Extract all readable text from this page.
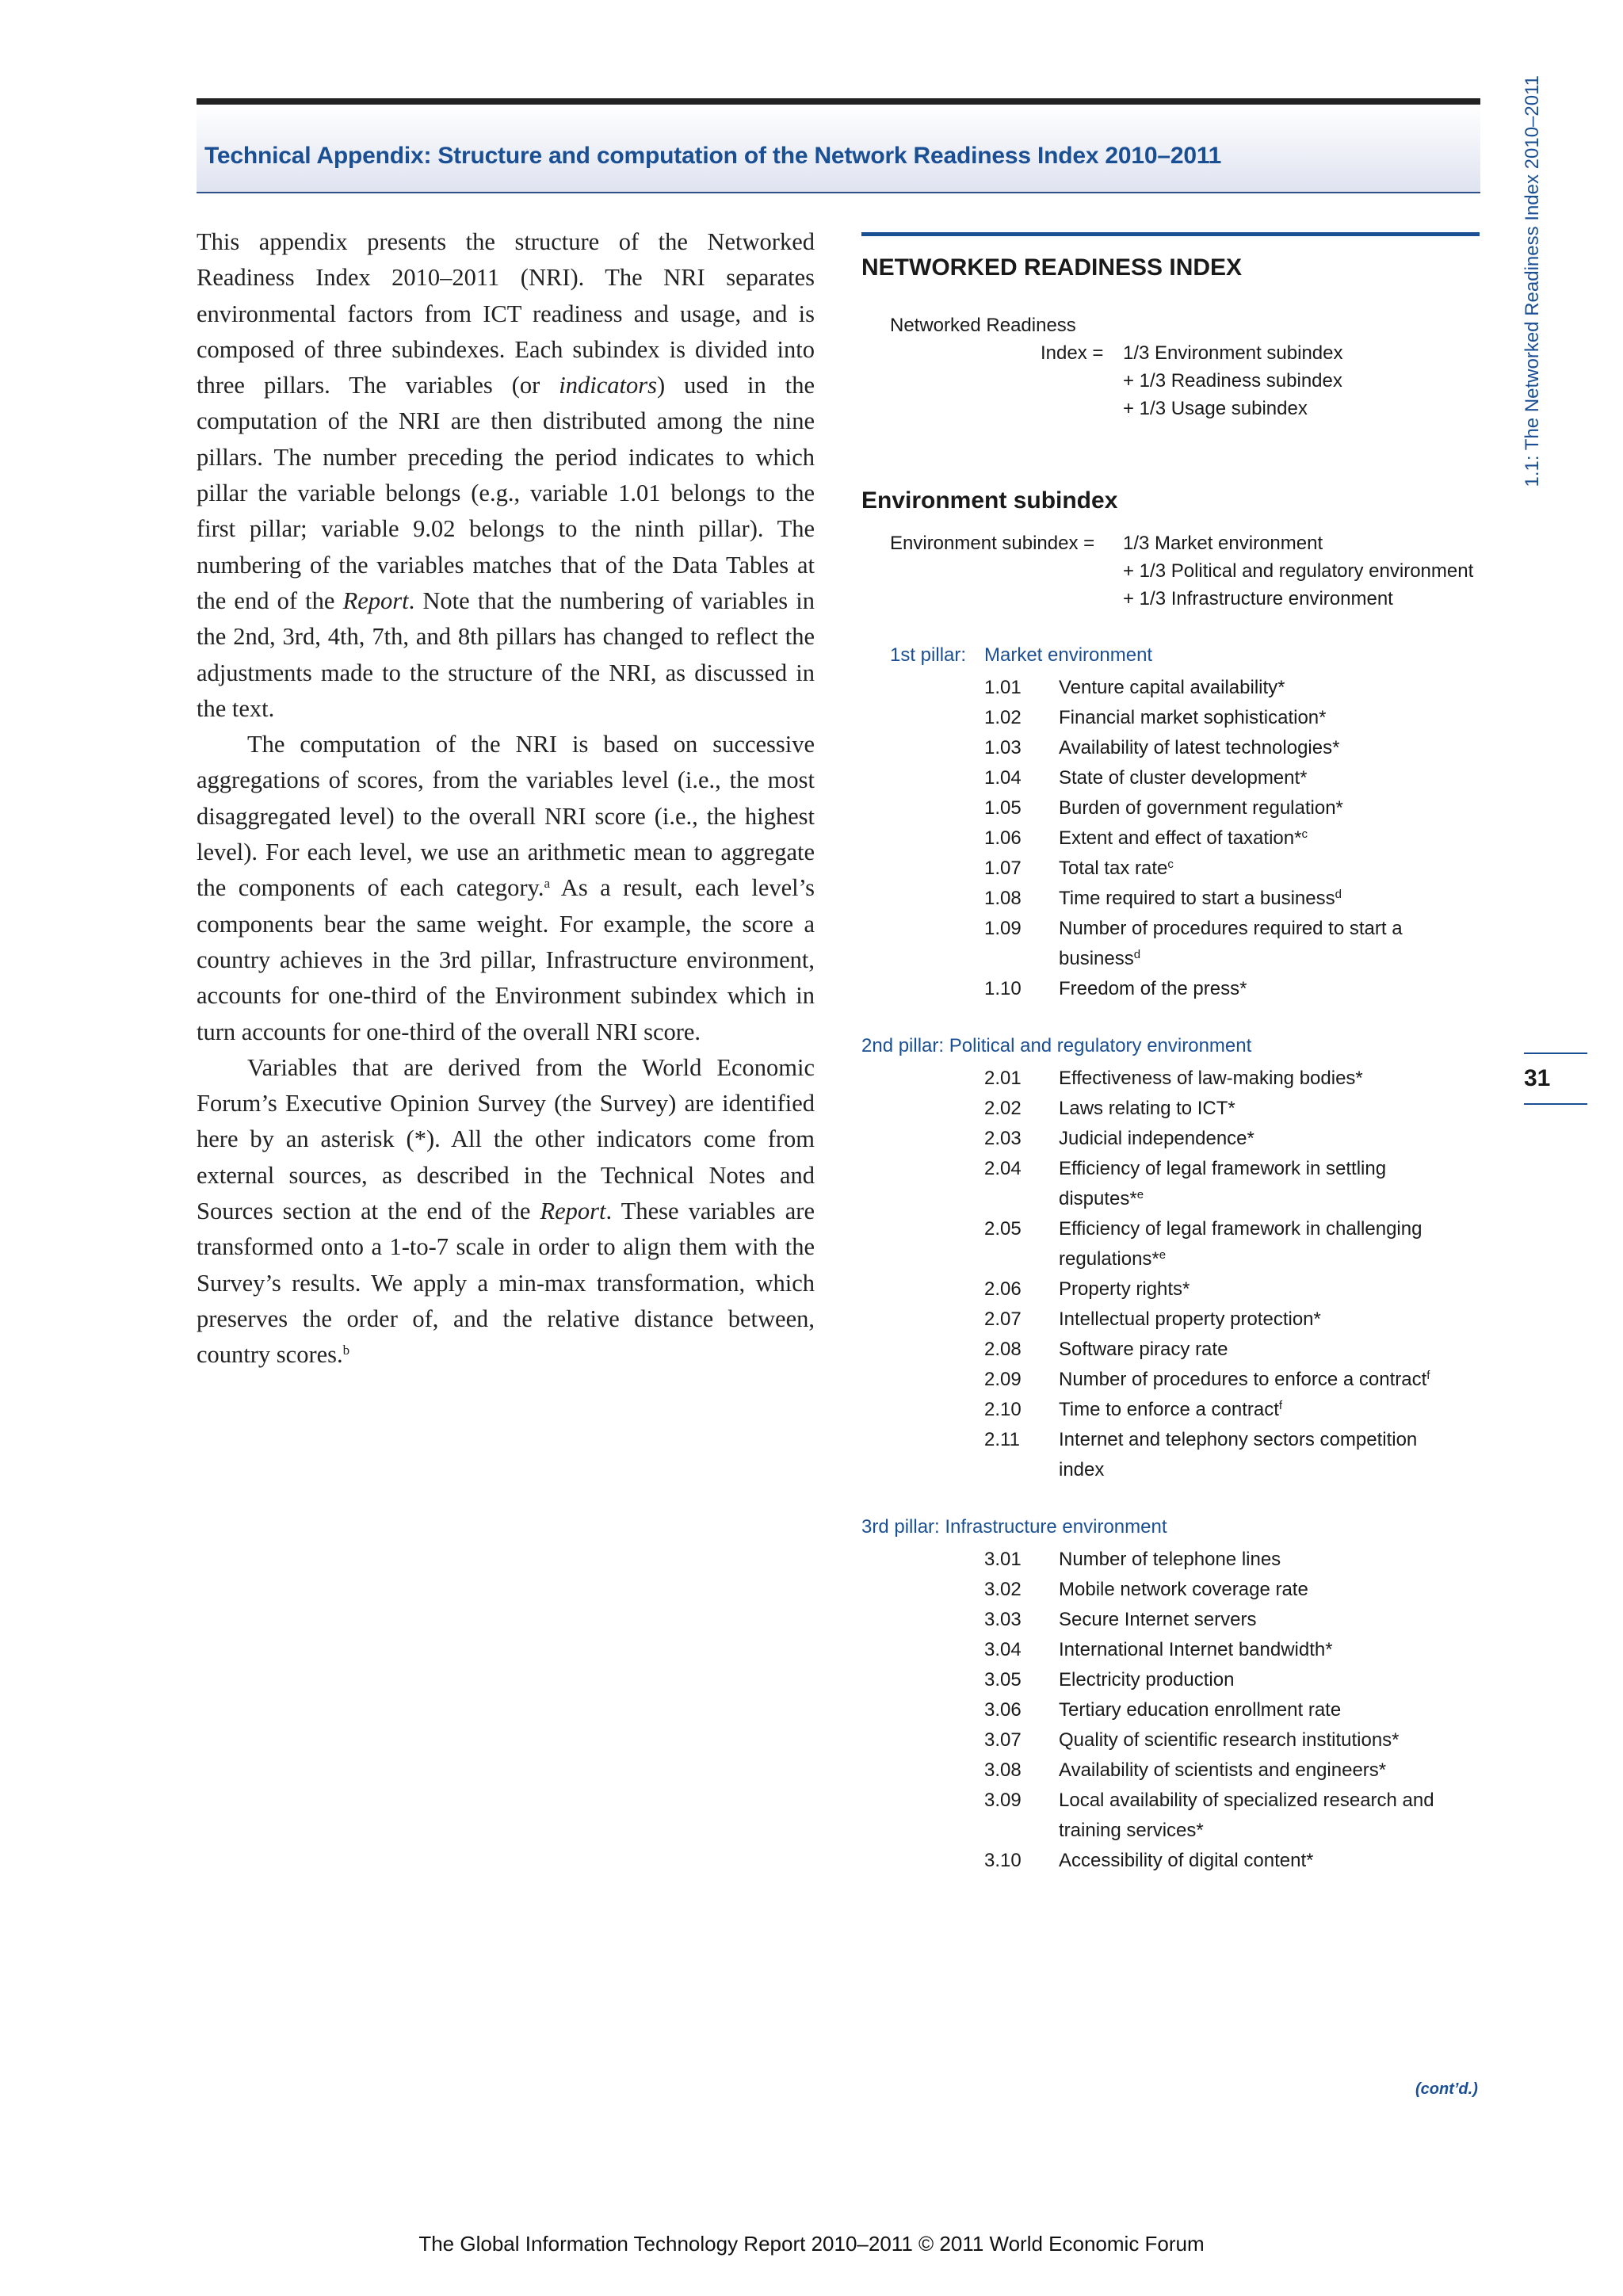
Technical Appendix: Structure and computation of the Network Readiness Index 2010–2011

This appendix presents the structure of the Networked Readiness Index 2010–2011 (NRI). The NRI separates environmental factors from ICT readiness and usage, and is composed of three subindexes. Each subindex is divided into three pillars. The variables (or indicators) used in the computation of the NRI are then distributed among the nine pillars. The number preceding the period indicates to which pillar the variable belongs (e.g., variable 1.01 belongs to the first pillar; variable 9.02 belongs to the ninth pillar). The numbering of the variables matches that of the Data Tables at the end of the Report. Note that the numbering of variables in the 2nd, 3rd, 4th, 7th, and 8th pillars has changed to reflect the adjustments made to the structure of the NRI, as discussed in the text.

The computation of the NRI is based on successive aggregations of scores, from the variables level (i.e., the most disaggregated level) to the overall NRI score (i.e., the highest level). For each level, we use an arithmetic mean to aggregate the components of each category.$^a$ As a result, each level’s components bear the same weight. For example, the score a country achieves in the 3rd pillar, Infrastructure environment, accounts for one-third of the Environment subindex which in turn accounts for one-third of the overall NRI score.

Variables that are derived from the World Economic Forum’s Executive Opinion Survey (the Survey) are identified here by an asterisk (*). All the other indicators come from external sources, as described in the Technical Notes and Sources section at the end of the Report. These variables are transformed onto a 1-to-7 scale in order to align them with the Survey’s results. We apply a min-max transformation, which preserves the order of, and the relative distance between, country scores.$^b$

NETWORKED READINESS INDEX
Networked Readiness
Index = 1/3 Environment subindex
+ 1/3 Readiness subindex
+ 1/3 Usage subindex
Environment subindex
Environment subindex = 1/3 Market environment
+ 1/3 Political and regulatory environment
+ 1/3 Infrastructure environment
1st pillar: Market environment
1.01 Venture capital availability*
1.02 Financial market sophistication*
1.03 Availability of latest technologies*
1.04 State of cluster development*
1.05 Burden of government regulation*
1.06 Extent and effect of taxation*$^c$
1.07 Total tax rate$^c$
1.08 Time required to start a business$^d$
1.09 Number of procedures required to start a business$^d$
1.10 Freedom of the press*
2nd pillar: Political and regulatory environment
2.01 Effectiveness of law-making bodies*
2.02 Laws relating to ICT*
2.03 Judicial independence*
2.04 Efficiency of legal framework in settling disputes*$^e$
2.05 Efficiency of legal framework in challenging regulations*$^e$
2.06 Property rights*
2.07 Intellectual property protection*
2.08 Software piracy rate
2.09 Number of procedures to enforce a contract$^f$
2.10 Time to enforce a contract$^f$
2.11 Internet and telephony sectors competition index
3rd pillar: Infrastructure environment
3.01 Number of telephone lines
3.02 Mobile network coverage rate
3.03 Secure Internet servers
3.04 International Internet bandwidth*
3.05 Electricity production
3.06 Tertiary education enrollment rate
3.07 Quality of scientific research institutions*
3.08 Availability of scientists and engineers*
3.09 Local availability of specialized research and training services*
3.10 Accessibility of digital content*
1.1: The Networked Readiness Index 2010–2011
31
(cont’d.)
The Global Information Technology Report 2010–2011 © 2011 World Economic Forum
